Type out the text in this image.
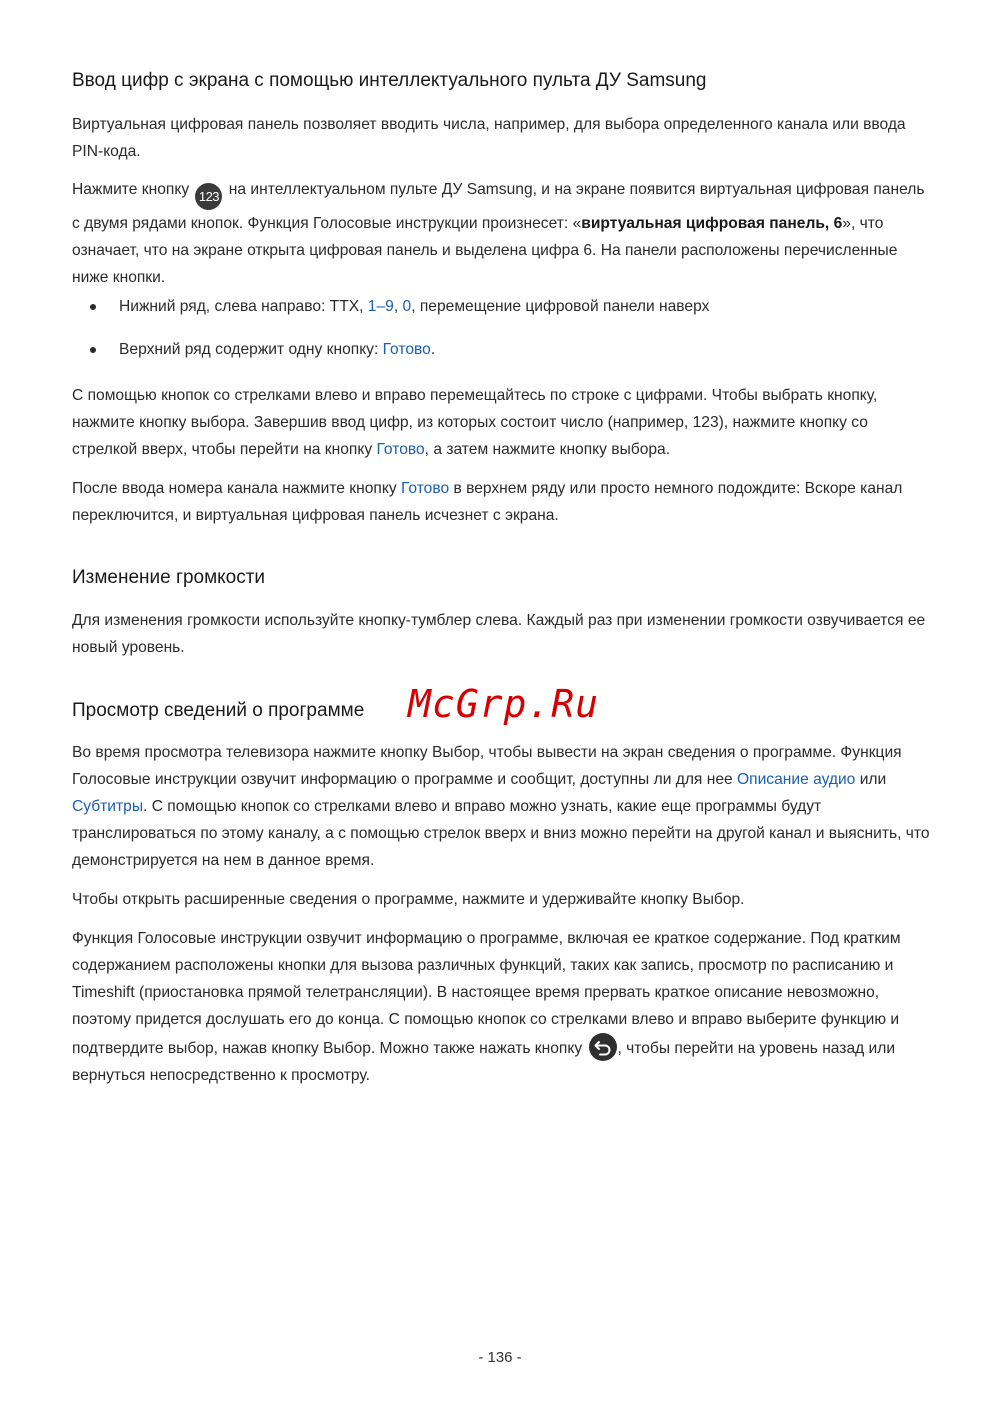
Ввод цифр с экрана с помощью интеллектуального пульта ДУ Samsung

Виртуальная цифровая панель позволяет вводить числа, например, для выбора определенного канала или ввода PIN-кода.

Нажмите кнопку 123 на интеллектуальном пульте ДУ Samsung, и на экране появится виртуальная цифровая панель с двумя рядами кнопок. Функция Голосовые инструкции произнесет: «виртуальная цифровая панель, 6», что означает, что на экране открыта цифровая панель и выделена цифра 6. На панели расположены перечисленные ниже кнопки.

Нижний ряд, слева направо: TTX, 1–9, 0, перемещение цифровой панели наверх
Верхний ряд содержит одну кнопку: Готово.

С помощью кнопок со стрелками влево и вправо перемещайтесь по строке с цифрами. Чтобы выбрать кнопку, нажмите кнопку выбора. Завершив ввод цифр, из которых состоит число (например, 123), нажмите кнопку со стрелкой вверх, чтобы перейти на кнопку Готово, а затем нажмите кнопку выбора.

После ввода номера канала нажмите кнопку Готово в верхнем ряду или просто немного подождите: Вскоре канал переключится, и виртуальная цифровая панель исчезнет с экрана.

Изменение громкости

Для изменения громкости используйте кнопку-тумблер слева. Каждый раз при изменении громкости озвучивается ее новый уровень.

Просмотр сведений о программе

Во время просмотра телевизора нажмите кнопку Выбор, чтобы вывести на экран сведения о программе. Функция Голосовые инструкции озвучит информацию о программе и сообщит, доступны ли для нее Описание аудио или Субтитры. С помощью кнопок со стрелками влево и вправо можно узнать, какие еще программы будут транслироваться по этому каналу, а с помощью стрелок вверх и вниз можно перейти на другой канал и выяснить, что демонстрируется на нем в данное время.

Чтобы открыть расширенные сведения о программе, нажмите и удерживайте кнопку Выбор.

Функция Голосовые инструкции озвучит информацию о программе, включая ее краткое содержание. Под кратким содержанием расположены кнопки для вызова различных функций, таких как запись, просмотр по расписанию и Timeshift (приостановка прямой телетрансляции). В настоящее время прервать краткое описание невозможно, поэтому придется дослушать его до конца. С помощью кнопок со стрелками влево и вправо выберите функцию и подтвердите выбор, нажав кнопку Выбор. Можно также нажать кнопку
, чтобы перейти на уровень назад или вернуться непосредственно к просмотру.

McGrp.Ru
- 136 -
